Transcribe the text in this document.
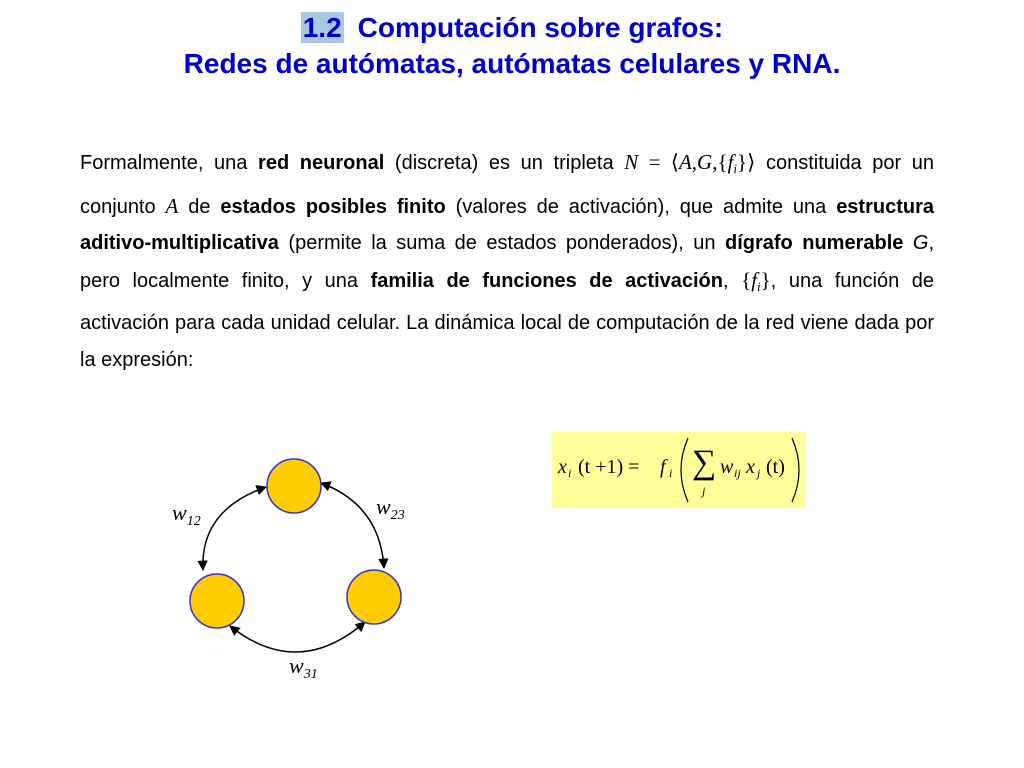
1.2 Computación sobre grafos:
Redes de autómatas, autómatas celulares y RNA.
Formalmente, una red neuronal (discreta) es un tripleta $N = ⟨A,G,\{f_i\}⟩$ constituida por un conjunto A de estados posibles finito (valores de activación), que admite una estructura aditivo-multiplicativa (permite la suma de estados ponderados), un dígrafo numerable G, pero localmente finito, y una familia de funciones de activación, $\{f_i\}$, una función de activación para cada unidad celular. La dinámica local de computación de la red viene dada por la expresión:
x i (t +1) = f i ∑
j
w ij x j (t)
$w_{12}$
$w_{23}$
$w_{31}$
